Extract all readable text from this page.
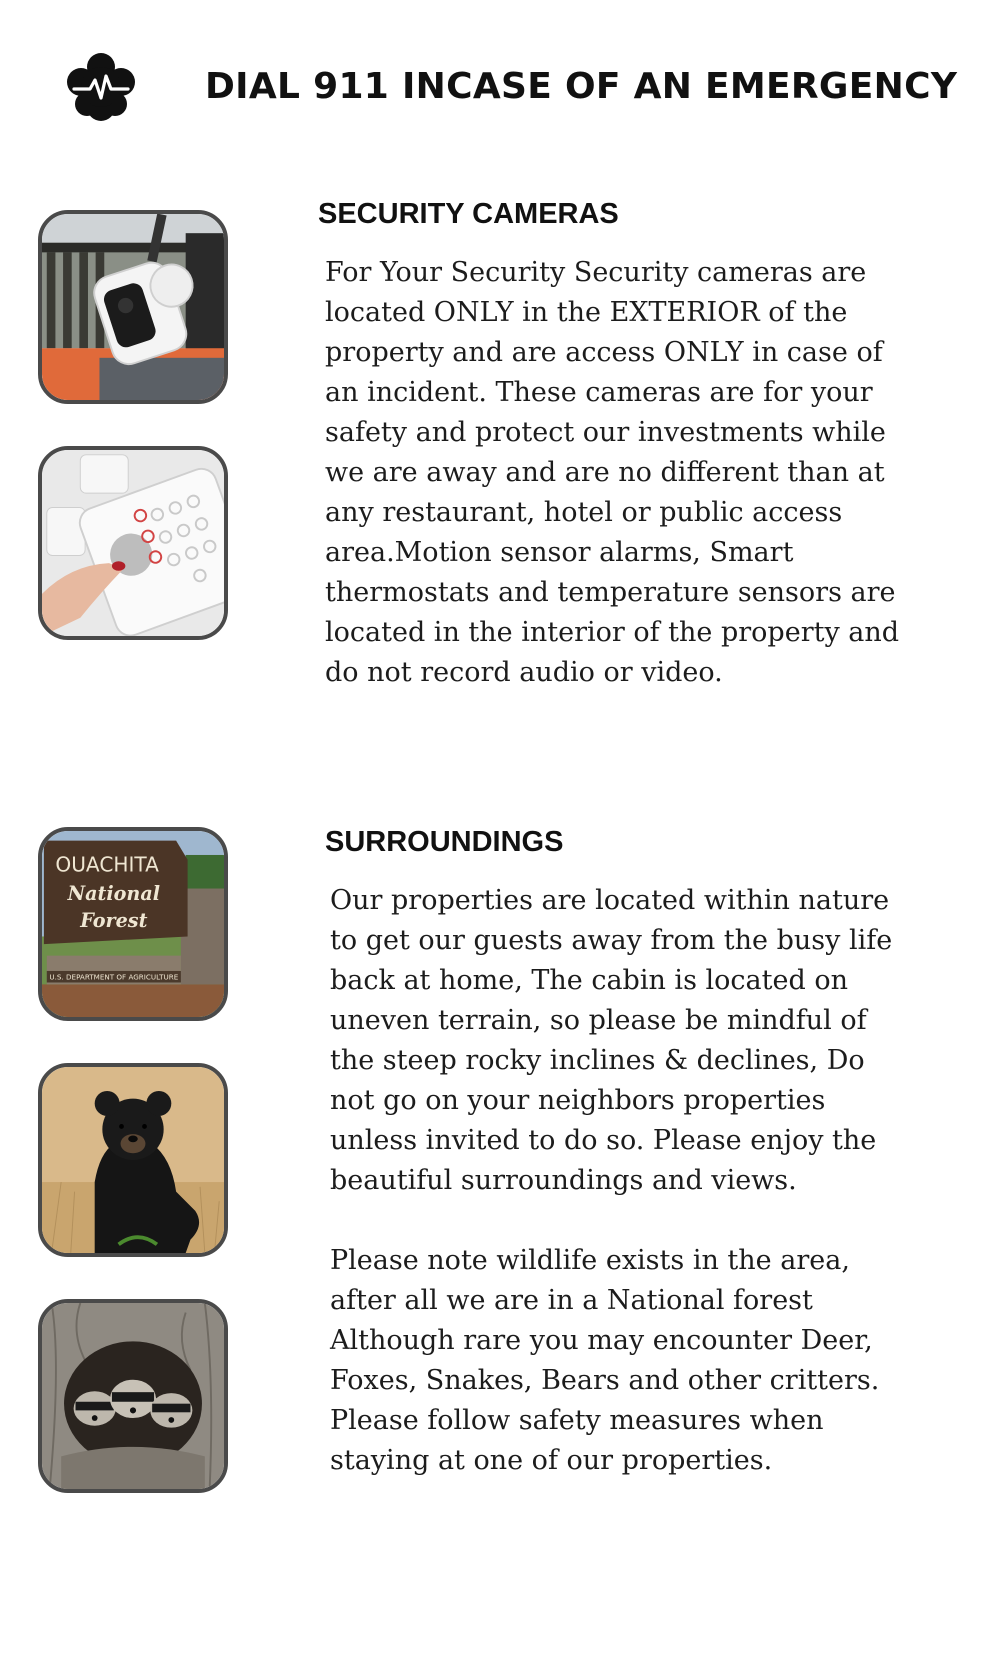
DIAL 911 INCASE OF AN EMERGENCY
SECURITY CAMERAS
For Your Security Security cameras are
located ONLY in the EXTERIOR of the
property and are access ONLY in case of
an incident. These cameras are for your
safety and protect our investments while
we are away and are no different than at
any restaurant, hotel or public access
area.Motion sensor alarms, Smart
thermostats and temperature sensors are
located in the interior of the property and
do not record audio or video.
SURROUNDINGS
Our properties are located within nature
to get our guests away from the busy life
back at home, The cabin is located on
uneven terrain, so please be mindful of
the steep rocky inclines & declines, Do
not go on your neighbors properties
unless invited to do so. Please enjoy the
beautiful surroundings and views.
Please note wildlife exists in the area,
after all we are in a National forest
Although rare you may encounter Deer,
Foxes, Snakes, Bears and other critters.
Please follow safety measures when
staying at one of our properties.
U.S. DEPARTMENT OF AGRICULTURE
OUACHITA
National
Forest
